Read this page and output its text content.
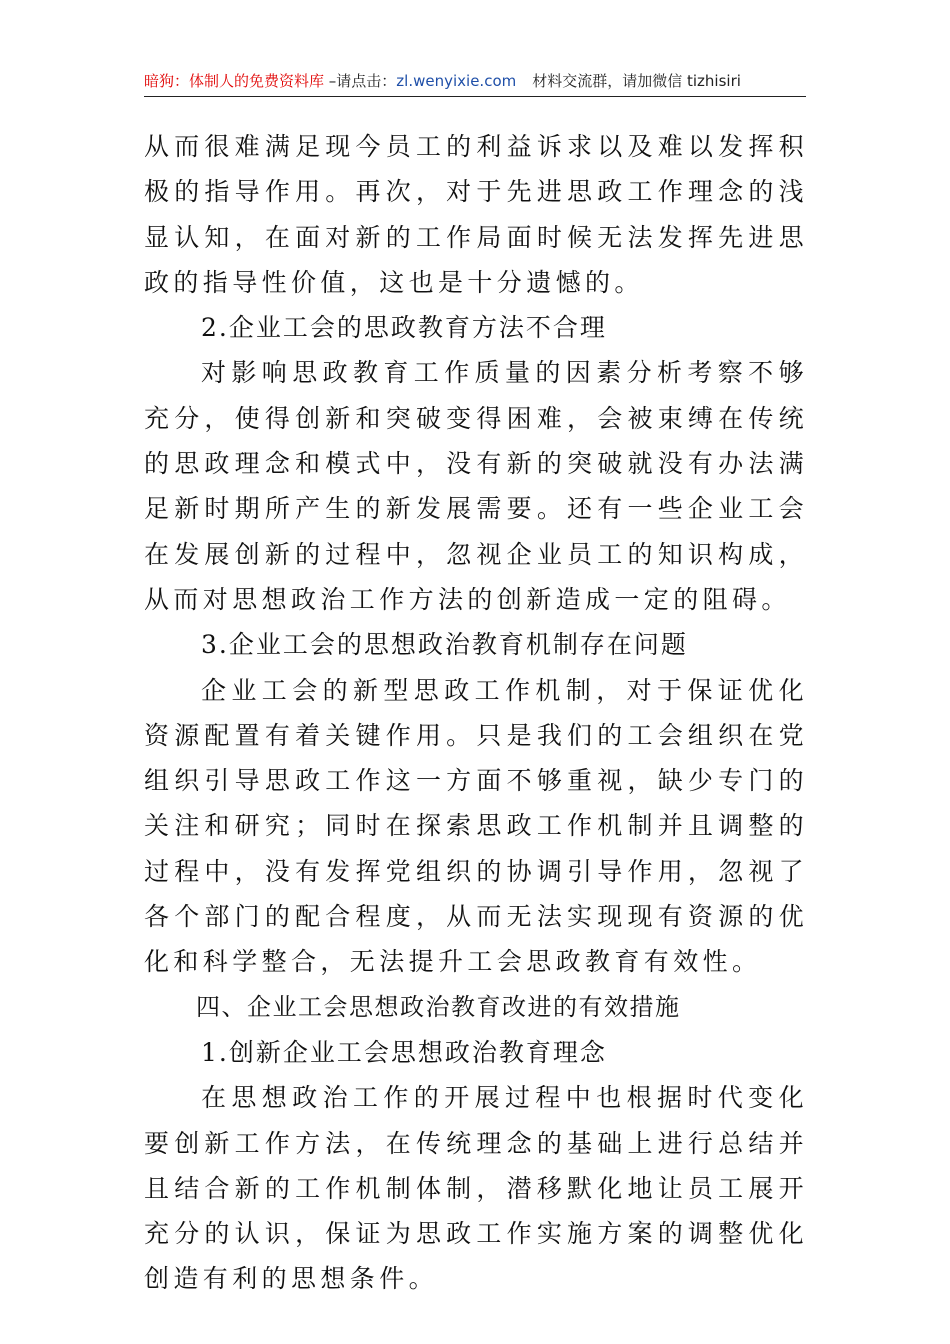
暗狗：体制人的免费资料库 –请点击：zl.wenyixie.com 材料交流群，请加微信 tizhisiri

从而很难满足现今员工的利益诉求以及难以发挥积极的指导作用。再次，对于先进思政工作理念的浅显认知，在面对新的工作局面时候无法发挥先进思政的指导性价值，这也是十分遗憾的。

2.企业工会的思政教育方法不合理

对影响思政教育工作质量的因素分析考察不够充分，使得创新和突破变得困难，会被束缚在传统的思政理念和模式中，没有新的突破就没有办法满足新时期所产生的新发展需要。还有一些企业工会在发展创新的过程中，忽视企业员工的知识构成，从而对思想政治工作方法的创新造成一定的阻碍。

3.企业工会的思想政治教育机制存在问题

企业工会的新型思政工作机制，对于保证优化资源配置有着关键作用。只是我们的工会组织在党组织引导思政工作这一方面不够重视，缺少专门的关注和研究；同时在探索思政工作机制并且调整的过程中，没有发挥党组织的协调引导作用，忽视了各个部门的配合程度，从而无法实现现有资源的优化和科学整合，无法提升工会思政教育有效性。

四、企业工会思想政治教育改进的有效措施

1.创新企业工会思想政治教育理念

在思想政治工作的开展过程中也根据时代变化要创新工作方法，在传统理念的基础上进行总结并且结合新的工作机制体制，潜移默化地让员工展开充分的认识，保证为思政工作实施方案的调整优化创造有利的思想条件。
